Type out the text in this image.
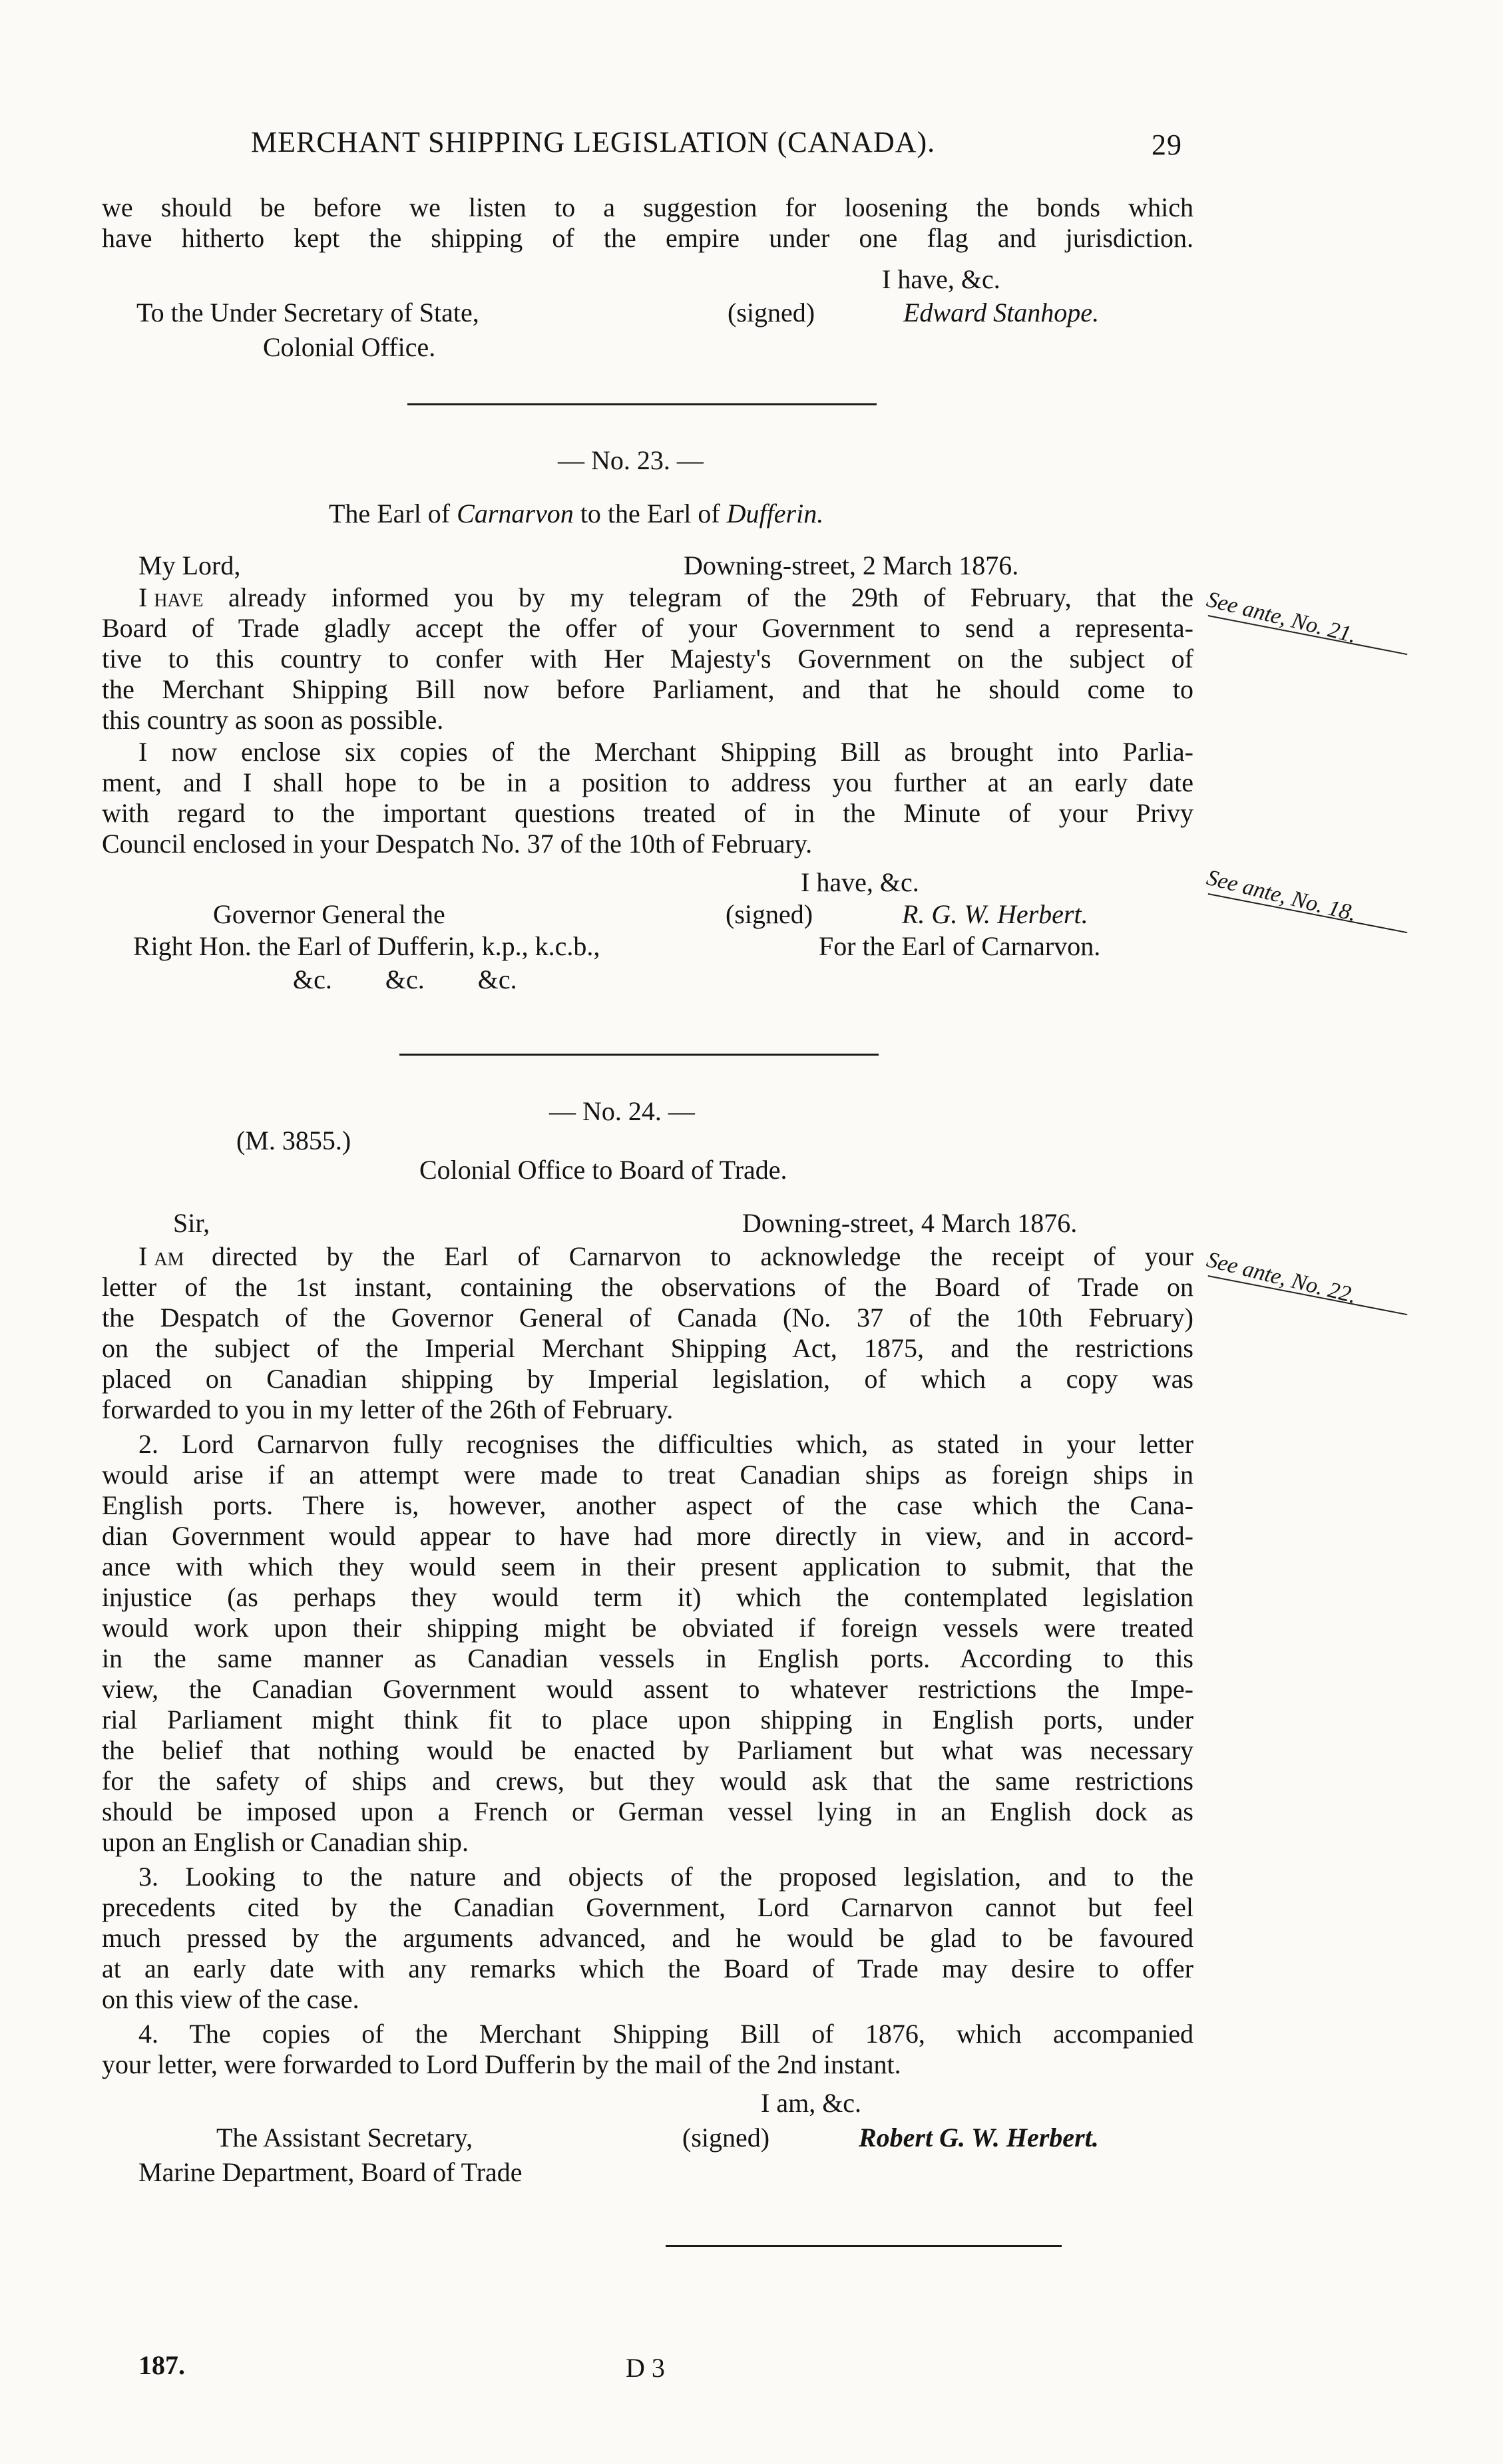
MERCHANT SHIPPING LEGISLATION (CANADA).	29
we should be before we listen to a suggestion for loosening the bonds which
have hitherto kept the shipping of the empire under one flag and jurisdiction.
I have, &c.
To the Under Secretary of State,	(signed)	Edward Stanhope.
Colonial Office.
— No. 23. —
The Earl of Carnarvon to the Earl of Dufferin.
My Lord,	Downing-street, 2 March 1876.
I have already informed you by my telegram of the 29th of February, that the
Board of Trade gladly accept the offer of your Government to send a representa-
tive to this country to confer with Her Majesty's Government on the subject of
the Merchant Shipping Bill now before Parliament, and that he should come to
this country as soon as possible.
I now enclose six copies of the Merchant Shipping Bill as brought into Parlia-
ment, and I shall hope to be in a position to address you further at an early date
with regard to the important questions treated of in the Minute of your Privy
Council enclosed in your Despatch No. 37 of the 10th of February.
I have, &c.
Governor General the	(signed)	R. G. W. Herbert.
Right Hon. the Earl of Dufferin, k.p., k.c.b.,	For the Earl of Carnarvon.
&c.        &c.        &c.
See ante, No. 21.
See ante, No. 18.
— No. 24. —
(M. 3855.)
Colonial Office to Board of Trade.
Sir,	Downing-street, 4 March 1876.
I am directed by the Earl of Carnarvon to acknowledge the receipt of your
letter of the 1st instant, containing the observations of the Board of Trade on
the Despatch of the Governor General of Canada (No. 37 of the 10th February)
on the subject of the Imperial Merchant Shipping Act, 1875, and the restrictions
placed on Canadian shipping by Imperial legislation, of which a copy was
forwarded to you in my letter of the 26th of February.
2. Lord Carnarvon fully recognises the difficulties which, as stated in your letter
would arise if an attempt were made to treat Canadian ships as foreign ships in
English ports. There is, however, another aspect of the case which the Cana-
dian Government would appear to have had more directly in view, and in accord-
ance with which they would seem in their present application to submit, that the
injustice (as perhaps they would term it) which the contemplated legislation
would work upon their shipping might be obviated if foreign vessels were treated
in the same manner as Canadian vessels in English ports. According to this
view, the Canadian Government would assent to whatever restrictions the Impe-
rial Parliament might think fit to place upon shipping in English ports, under
the belief that nothing would be enacted by Parliament but what was necessary
for the safety of ships and crews, but they would ask that the same restrictions
should be imposed upon a French or German vessel lying in an English dock as
upon an English or Canadian ship.
3. Looking to the nature and objects of the proposed legislation, and to the
precedents cited by the Canadian Government, Lord Carnarvon cannot but feel
much pressed by the arguments advanced, and he would be glad to be favoured
at an early date with any remarks which the Board of Trade may desire to offer
on this view of the case.
4. The copies of the Merchant Shipping Bill of 1876, which accompanied
your letter, were forwarded to Lord Dufferin by the mail of the 2nd instant.
I am, &c.
The Assistant Secretary,	(signed)	Robert G. W. Herbert.
Marine Department, Board of Trade
See ante, No. 22.
187.	D 3
